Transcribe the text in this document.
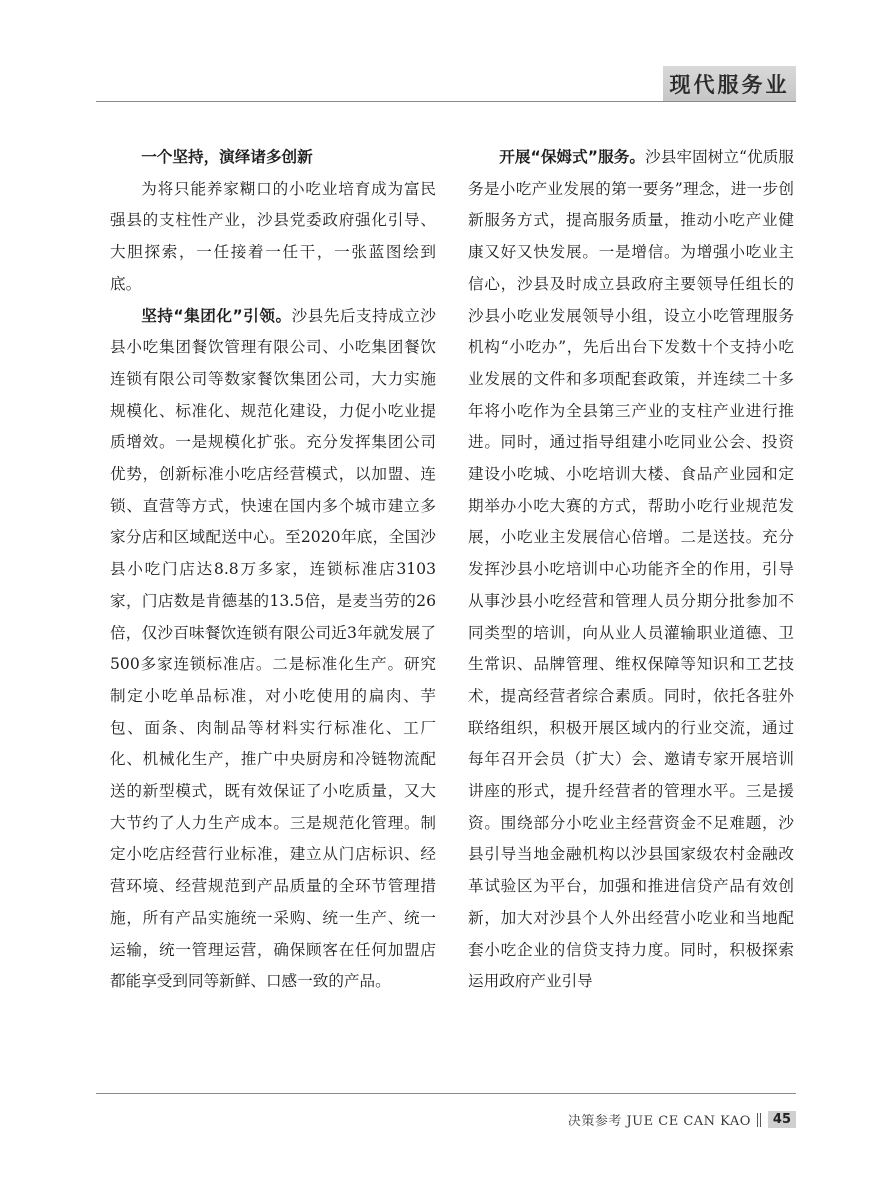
现代服务业
一个坚持，演绎诸多创新

为将只能养家糊口的小吃业培育成为富民强县的支柱性产业，沙县党委政府强化引导、大胆探索，一任接着一任干，一张蓝图绘到底。

坚持“集团化”引领。沙县先后支持成立沙县小吃集团餐饮管理有限公司、小吃集团餐饮连锁有限公司等数家餐饮集团公司，大力实施规模化、标准化、规范化建设，力促小吃业提质增效。一是规模化扩张。充分发挥集团公司优势，创新标准小吃店经营模式，以加盟、连锁、直营等方式，快速在国内多个城市建立多家分店和区域配送中心。至2020年底，全国沙县小吃门店达8.8万多家，连锁标准店3103家，门店数是肯德基的13.5倍，是麦当劳的26倍，仅沙百味餐饮连锁有限公司近3年就发展了500多家连锁标准店。二是标准化生产。研究制定小吃单品标准，对小吃使用的扁肉、芋包、面条、肉制品等材料实行标准化、工厂化、机械化生产，推广中央厨房和冷链物流配送的新型模式，既有效保证了小吃质量，又大大节约了人力生产成本。三是规范化管理。制定小吃店经营行业标准，建立从门店标识、经营环境、经营规范到产品质量的全环节管理措施，所有产品实施统一采购、统一生产、统一运输，统一管理运营，确保顾客在任何加盟店都能享受到同等新鲜、口感一致的产品。

开展“保姆式”服务。沙县牢固树立“优质服务是小吃产业发展的第一要务”理念，进一步创新服务方式，提高服务质量，推动小吃产业健康又好又快发展。一是增信。为增强小吃业主信心，沙县及时成立县政府主要领导任组长的沙县小吃业发展领导小组，设立小吃管理服务机构“小吃办”，先后出台下发数十个支持小吃业发展的文件和多项配套政策，并连续二十多年将小吃作为全县第三产业的支柱产业进行推进。同时，通过指导组建小吃同业公会、投资建设小吃城、小吃培训大楼、食品产业园和定期举办小吃大赛的方式，帮助小吃行业规范发展，小吃业主发展信心倍增。二是送技。充分发挥沙县小吃培训中心功能齐全的作用，引导从事沙县小吃经营和管理人员分期分批参加不同类型的培训，向从业人员灌输职业道德、卫生常识、品牌管理、维权保障等知识和工艺技术，提高经营者综合素质。同时，依托各驻外联络组织，积极开展区域内的行业交流，通过每年召开会员（扩大）会、邀请专家开展培训讲座的形式，提升经营者的管理水平。三是援资。围绕部分小吃业主经营资金不足难题，沙县引导当地金融机构以沙县国家级农村金融改革试验区为平台，加强和推进信贷产品有效创新，加大对沙县个人外出经营小吃业和当地配套小吃企业的信贷支持力度。同时，积极探索运用政府产业引导

决策参考 JUE CE CAN KAO	45
